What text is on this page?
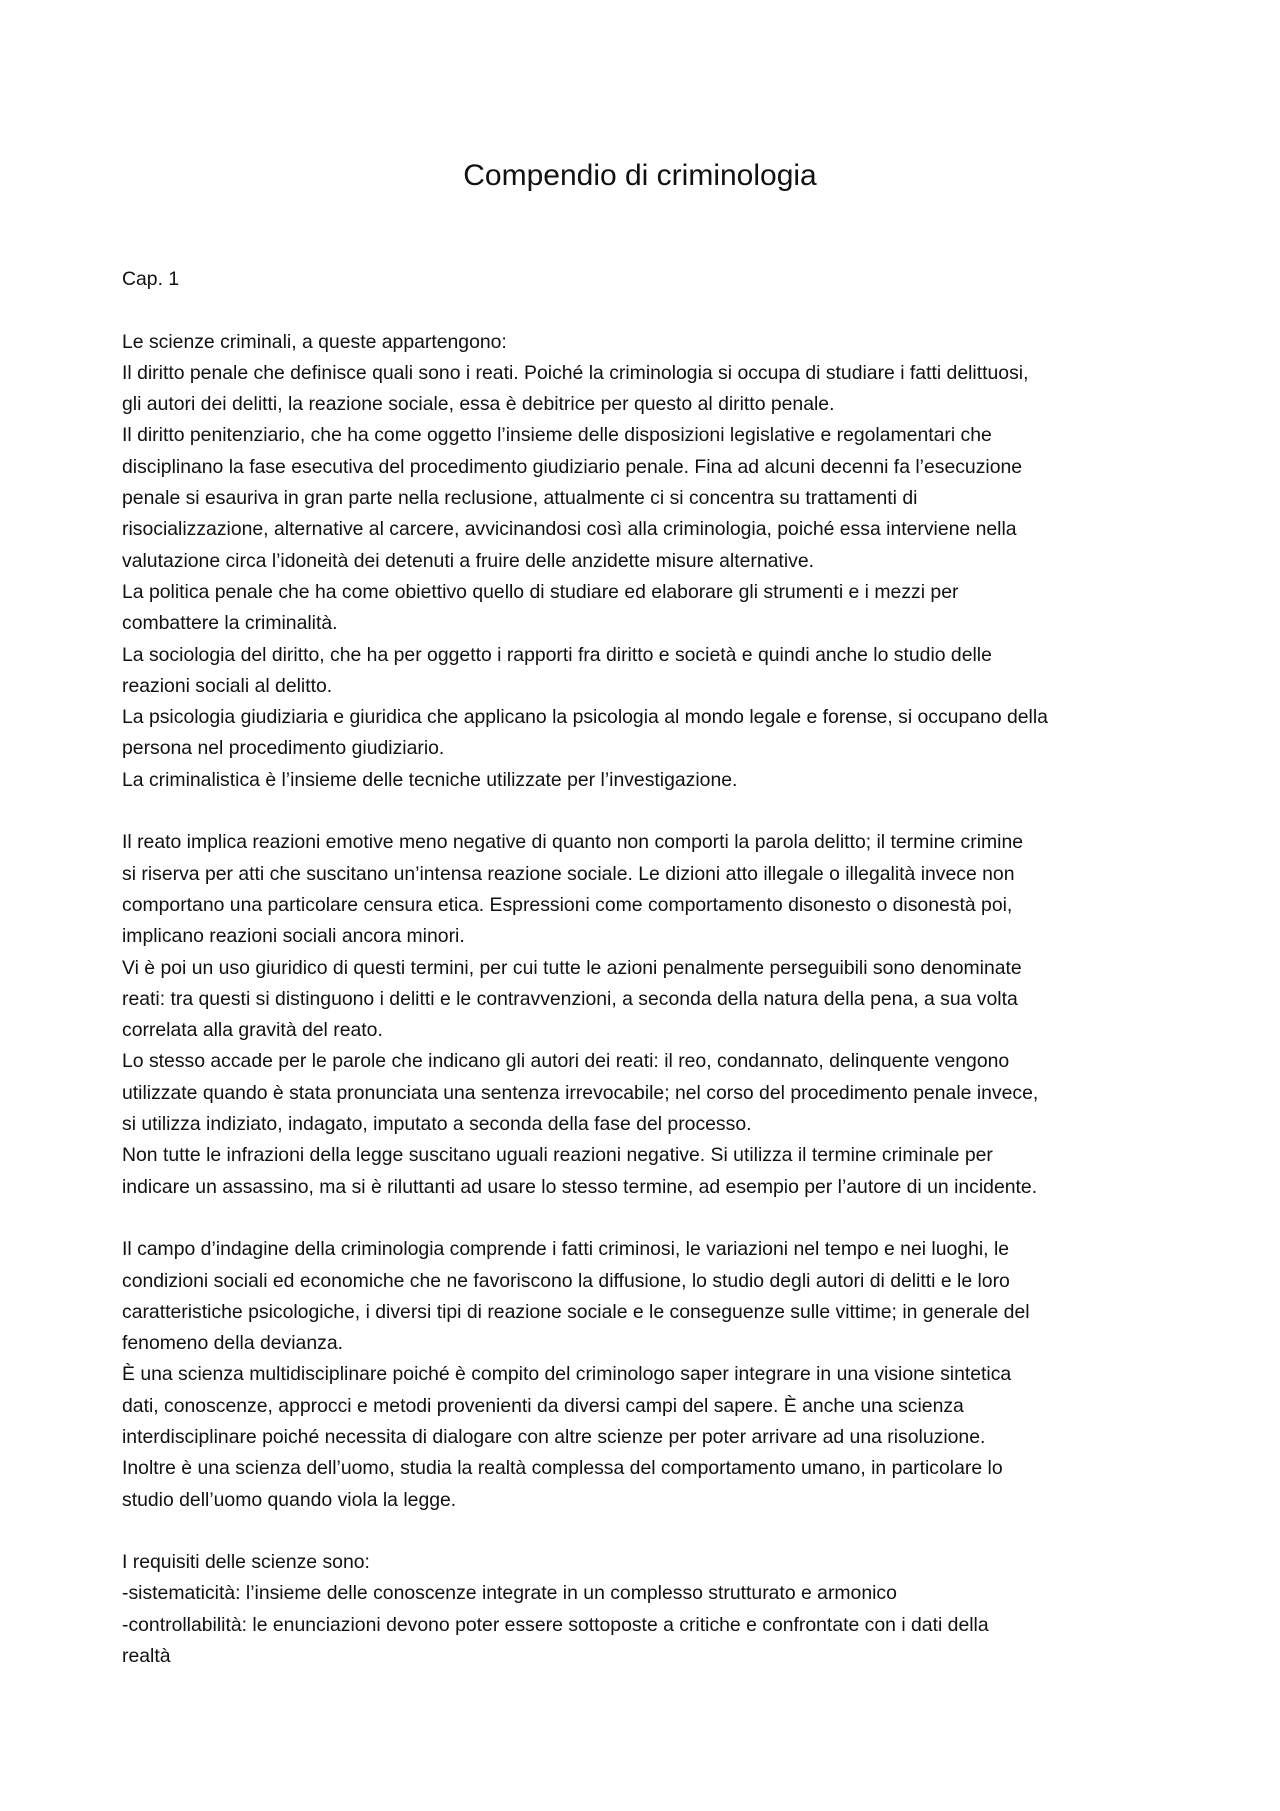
Compendio di criminologia
Cap. 1
Le scienze criminali, a queste appartengono:
Il diritto penale che definisce quali sono i reati. Poiché la criminologia si occupa di studiare i fatti delittuosi,
gli autori dei delitti, la reazione sociale, essa è debitrice per questo al diritto penale.
Il diritto penitenziario, che ha come oggetto l’insieme delle disposizioni legislative e regolamentari che
disciplinano la fase esecutiva del procedimento giudiziario penale. Fina ad alcuni decenni fa l’esecuzione
penale si esauriva in gran parte nella reclusione, attualmente ci si concentra su trattamenti di
risocializzazione, alternative al carcere, avvicinandosi così alla criminologia, poiché essa interviene nella
valutazione circa l’idoneità dei detenuti a fruire delle anzidette misure alternative.
La politica penale che ha come obiettivo quello di studiare ed elaborare gli strumenti e i mezzi per
combattere la criminalità.
La sociologia del diritto, che ha per oggetto i rapporti fra diritto e società e quindi anche lo studio delle
reazioni sociali al delitto.
La psicologia giudiziaria e giuridica che applicano la psicologia al mondo legale e forense, si occupano della
persona nel procedimento giudiziario.
La criminalistica è l’insieme delle tecniche utilizzate per l’investigazione.
Il reato implica reazioni emotive meno negative di quanto non comporti la parola delitto; il termine crimine
si riserva per atti che suscitano un’intensa reazione sociale. Le dizioni atto illegale o illegalità invece non
comportano una particolare censura etica. Espressioni come comportamento disonesto o disonestà poi,
implicano reazioni sociali ancora minori.
Vi è poi un uso giuridico di questi termini, per cui tutte le azioni penalmente perseguibili sono denominate
reati: tra questi si distinguono i delitti e le contravvenzioni, a seconda della natura della pena, a sua volta
correlata alla gravità del reato.
Lo stesso accade per le parole che indicano gli autori dei reati: il reo, condannato, delinquente vengono
utilizzate quando è stata pronunciata una sentenza irrevocabile; nel corso del procedimento penale invece,
si utilizza indiziato, indagato, imputato a seconda della fase del processo.
Non tutte le infrazioni della legge suscitano uguali reazioni negative. Si utilizza il termine criminale per
indicare un assassino, ma si è riluttanti ad usare lo stesso termine, ad esempio per l’autore di un incidente.
Il campo d’indagine della criminologia comprende i fatti criminosi, le variazioni nel tempo e nei luoghi, le
condizioni sociali ed economiche che ne favoriscono la diffusione, lo studio degli autori di delitti e le loro
caratteristiche psicologiche, i diversi tipi di reazione sociale e le conseguenze sulle vittime; in generale del
fenomeno della devianza.
È una scienza multidisciplinare poiché è compito del criminologo saper integrare in una visione sintetica
dati, conoscenze, approcci e metodi provenienti da diversi campi del sapere. È anche una scienza
interdisciplinare poiché necessita di dialogare con altre scienze per poter arrivare ad una risoluzione.
Inoltre è una scienza dell’uomo, studia la realtà complessa del comportamento umano, in particolare lo
studio dell’uomo quando viola la legge.
I requisiti delle scienze sono:
-sistematicità: l’insieme delle conoscenze integrate in un complesso strutturato e armonico
-controllabilità: le enunciazioni devono poter essere sottoposte a critiche e confrontate con i dati della
realtà
